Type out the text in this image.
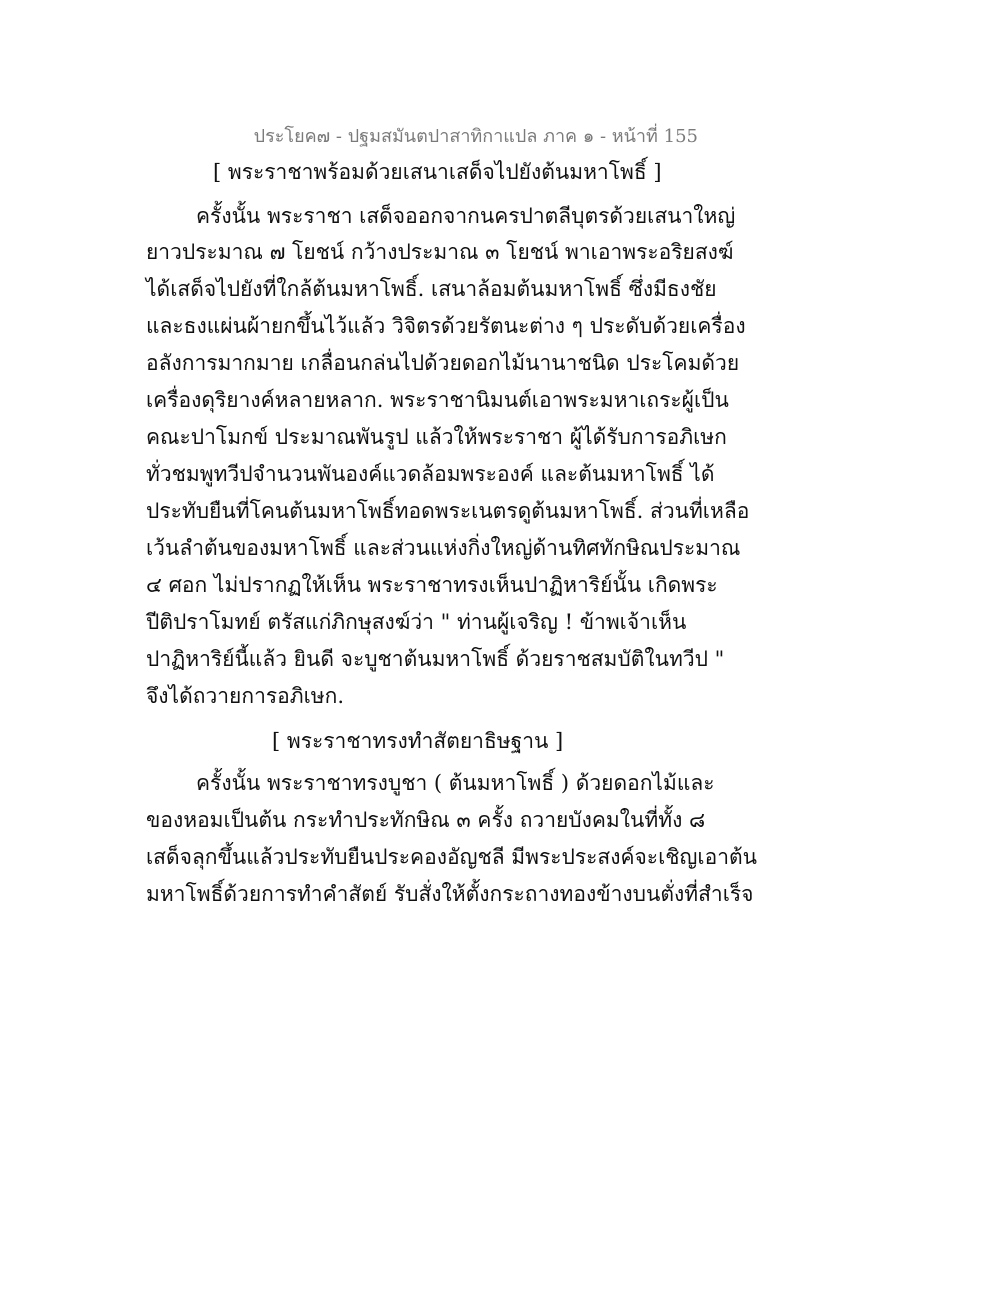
ประโยค๗ - ปฐมสมันตปาสาทิกาแปล ภาค ๑ - หน้าที่ 155
[ พระราชาพร้อมด้วยเสนาเสด็จไปยังต้นมหาโพธิ์ ]
ครั้งนั้น พระราชา เสด็จออกจากนครปาตลีบุตรด้วยเสนาใหญ่
ยาวประมาณ ๗ โยชน์ กว้างประมาณ ๓ โยชน์ พาเอาพระอริยสงฆ์
ได้เสด็จไปยังที่ใกล้ต้นมหาโพธิ์. เสนาล้อมต้นมหาโพธิ์ ซึ่งมีธงชัย
และธงแผ่นผ้ายกขึ้นไว้แล้ว วิจิตรด้วยรัตนะต่าง ๆ ประดับด้วยเครื่อง
อลังการมากมาย เกลื่อนกล่นไปด้วยดอกไม้นานาชนิด ประโคมด้วย
เครื่องดุริยางค์หลายหลาก. พระราชานิมนต์เอาพระมหาเถระผู้เป็น
คณะปาโมกข์ ประมาณพันรูป แล้วให้พระราชา ผู้ได้รับการอภิเษก
ทั่วชมพูทวีปจำนวนพันองค์แวดล้อมพระองค์ และต้นมหาโพธิ์ ได้
ประทับยืนที่โคนต้นมหาโพธิ์ทอดพระเนตรดูต้นมหาโพธิ์. ส่วนที่เหลือ
เว้นลำต้นของมหาโพธิ์ และส่วนแห่งกิ่งใหญ่ด้านทิศทักษิณประมาณ
๔ ศอก ไม่ปรากฏให้เห็น พระราชาทรงเห็นปาฏิหาริย์นั้น เกิดพระ
ปีติปราโมทย์ ตรัสแก่ภิกษุสงฆ์ว่า " ท่านผู้เจริญ ! ข้าพเจ้าเห็น
ปาฏิหาริย์นี้แล้ว ยินดี จะบูชาต้นมหาโพธิ์ ด้วยราชสมบัติในทวีป "
จึงได้ถวายการอภิเษก.
[ พระราชาทรงทำสัตยาธิษฐาน ]
ครั้งนั้น พระราชาทรงบูชา ( ต้นมหาโพธิ์ ) ด้วยดอกไม้และ
ของหอมเป็นต้น กระทำประทักษิณ ๓ ครั้ง ถวายบังคมในที่ทั้ง ๘
เสด็จลุกขึ้นแล้วประทับยืนประคองอัญชลี มีพระประสงค์จะเชิญเอาต้น
มหาโพธิ์ด้วยการทำคำสัตย์ รับสั่งให้ตั้งกระถางทองข้างบนตั่งที่สำเร็จ
